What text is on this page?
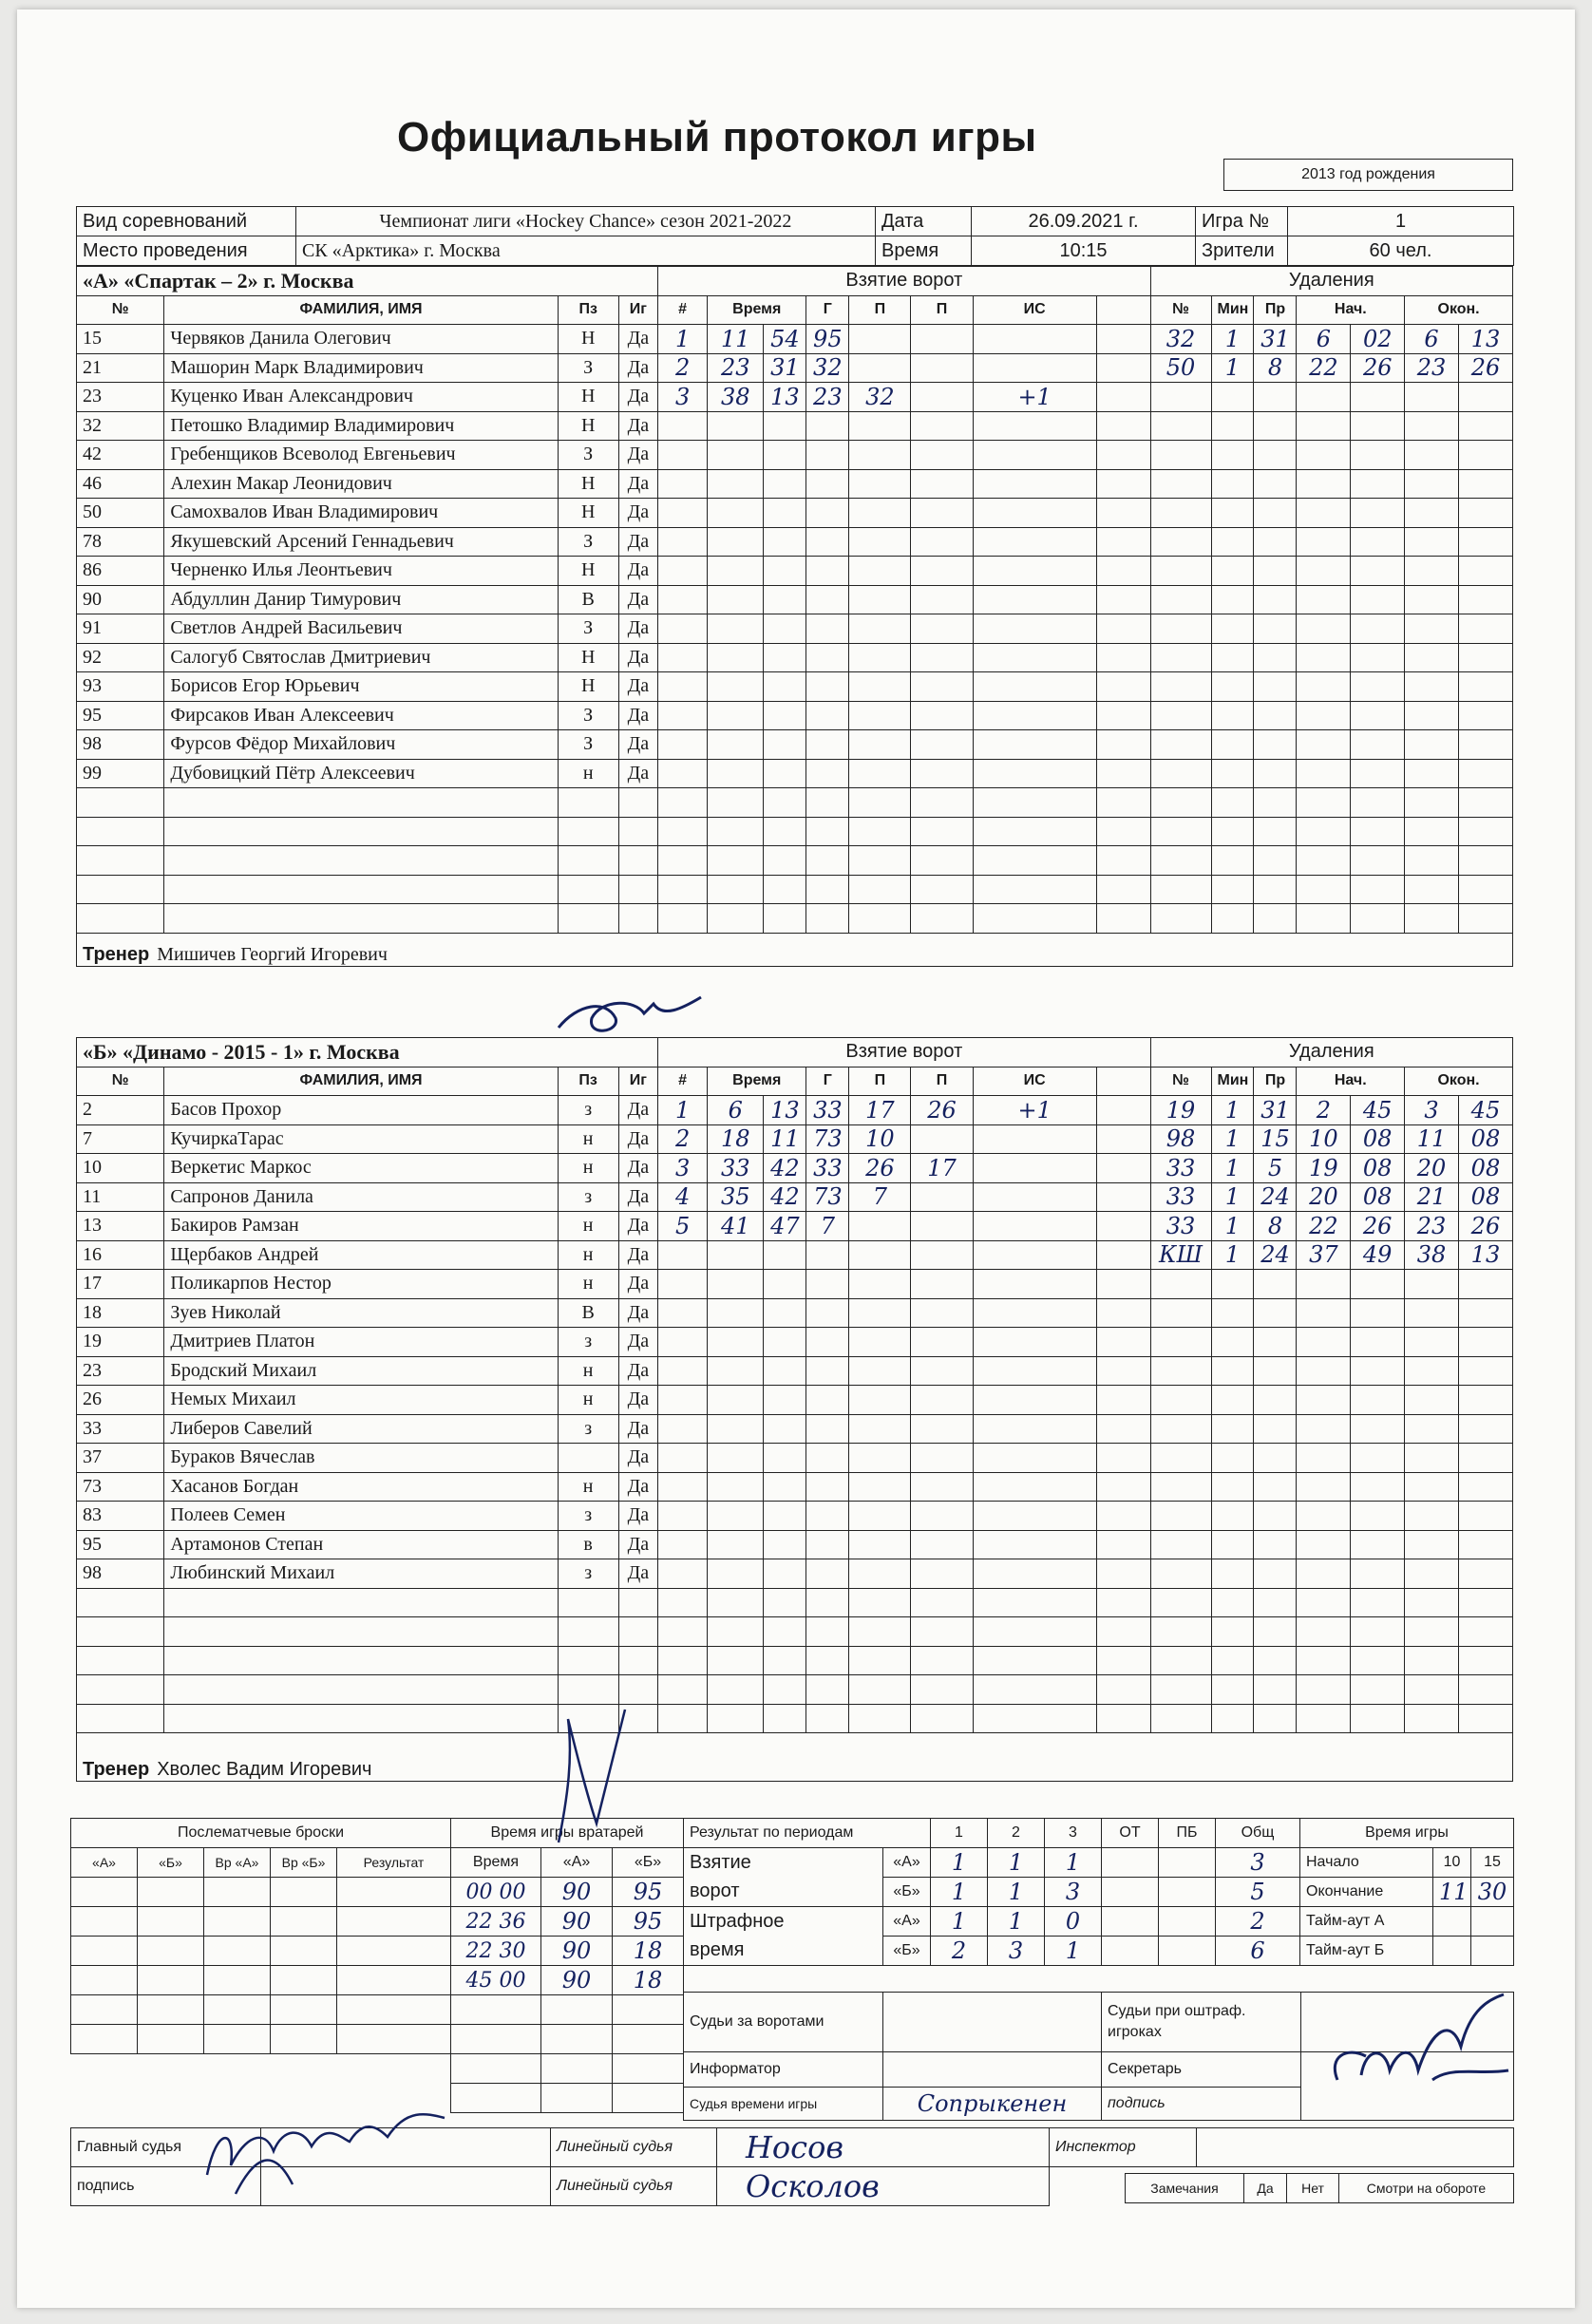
Официальный протокол игры
2013 год рождения
Вид соревнований	Чемпионат лиги «Hockey Chance» сезон 2021-2022	Дата	26.09.2021 г.	Игра №	1
Место проведения	СК «Арктика» г. Москва	Время	10:15	Зрители	60 чел.
«А» «Спартак – 2» г. Москва				Взятие ворот								Удаления						
№	ФАМИЛИЯ, ИМЯ	Пз	Иг	#	Время		Г	П	П	ИС		№	Мин	Пр	Нач.		Окон.	
15	Червяков Данила Олегович	Н	Да	1	11	54	95					32	1	31	6	02	6	13
21	Машорин Марк Владимирович	З	Да	2	23	31	32					50	1	8	22	26	23	26
23	Куценко Иван Александрович	Н	Да	3	38	13	23	32		+1								
32	Петошко Владимир Владимирович	Н	Да															
42	Гребенщиков Всеволод Евгеньевич	З	Да															
46	Алехин Макар Леонидович	Н	Да															
50	Самохвалов Иван Владимирович	Н	Да															
78	Якушевский Арсений Геннадьевич	З	Да															
86	Черненко Илья Леонтьевич	Н	Да															
90	Абдуллин Данир Тимурович	В	Да															
91	Светлов Андрей Васильевич	З	Да															
92	Салогуб Святослав Дмитриевич	Н	Да															
93	Борисов Егор Юрьевич	Н	Да															
95	Фирсаков Иван Алексеевич	З	Да															
98	Фурсов Фёдор Михайлович	З	Да															
99	Дубовицкий Пётр Алексеевич	н	Да															

Тренер Мишичев Георгий Игоревич																		
«Б» «Динамо - 2015 - 1» г. Москва				Взятие ворот								Удаления						
№	ФАМИЛИЯ, ИМЯ	Пз	Иг	#	Время		Г	П	П	ИС		№	Мин	Пр	Нач.		Окон.	
2	Басов Прохор	з	Да	1	6	13	33	17	26	+1		19	1	31	2	45	3	45
7	КучиркаТарас	н	Да	2	18	11	73	10				98	1	15	10	08	11	08
10	Веркетис Маркос	н	Да	3	33	42	33	26	17			33	1	5	19	08	20	08
11	Сапронов Данила	з	Да	4	35	42	73	7				33	1	24	20	08	21	08
13	Бакиров Рамзан	н	Да	5	41	47	7					33	1	8	22	26	23	26
16	Щербаков Андрей	н	Да									КШ	1	24	37	49	38	13
17	Поликарпов Нестор	н	Да															
18	Зуев Николай	В	Да															
19	Дмитриев Платон	з	Да															
23	Бродский Михаил	н	Да															
26	Немых Михаил	н	Да															
33	Либеров Савелий	з	Да															
37	Бураков Вячеслав		Да															
73	Хасанов Богдан	н	Да															
83	Полеев Семен	з	Да															
95	Артамонов Степан	в	Да															
98	Любинский Михаил	з	Да															

Тренер Хволес Вадим Игоревич																		
Послематчевые броски				
«А»	«Б»	Вр «А»	Вр «Б»	Результат

Время игры вратарей		
Время	«А»	«Б»
00 00	90	95
22 36	90	95
22 30	90	18
45 00	90	18

Результат по периодам		1	2	3	ОТ	ПБ	Общ
Взятие	«А»	1	1	1			3
ворот	«Б»	1	1	3			5
Штрафное	«А»	1	1	0			2
время	«Б»	2	3	1			6
Время игры		
Начало	10	15
Окончание	11	30
Тайм-аут А		
Тайм-аут Б		
Судьи за воротами		Судьи при оштраф. игроках	
Информатор		Секретарь	
Судья времени игры	Сопрыкенен	подпись	
Главный судья		Линейный судья	Носов
подпись		Линейный судья	Осколов
Инспектор	
Замечания	Да	Нет	Смотри на обороте
